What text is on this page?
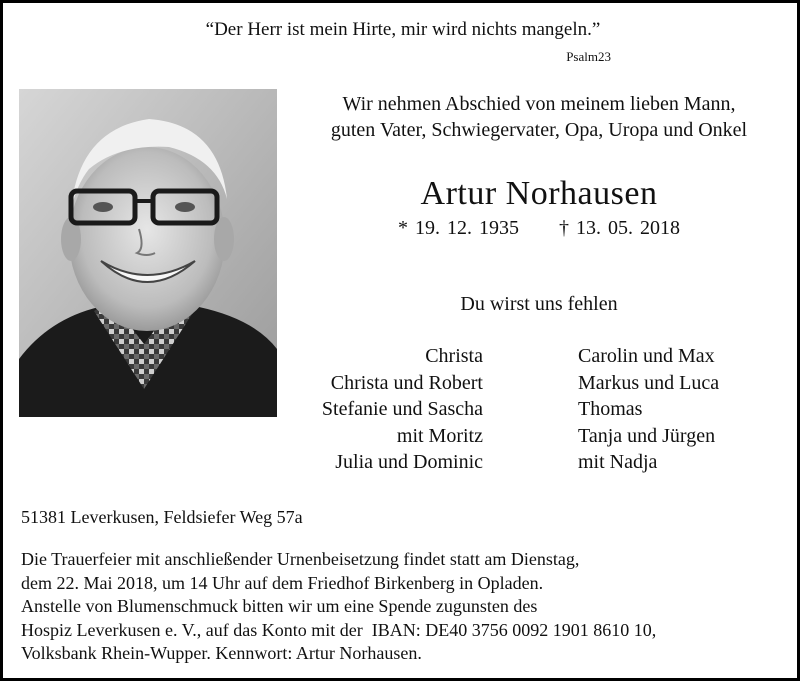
“Der Herr ist mein Hirte, mir wird nichts mangeln.”
Psalm23
Wir nehmen Abschied von meinem lieben Mann,
guten Vater, Schwiegervater, Opa, Uropa und Onkel
Artur Norhausen
* 19. 12. 1935 † 13. 05. 2018
Du wirst uns fehlen
Christa
Christa und Robert
Stefanie und Sascha
mit Moritz
Julia und Dominic
Carolin und Max
Markus und Luca
Thomas
Tanja und Jürgen
mit Nadja
51381 Leverkusen, Feldsiefer Weg 57a
Die Trauerfeier mit anschließender Urnenbeisetzung findet statt am Dienstag,
dem 22. Mai 2018, um 14 Uhr auf dem Friedhof Birkenberg in Opladen.
Anstelle von Blumenschmuck bitten wir um eine Spende zugunsten des
Hospiz Leverkusen e. V., auf das Konto mit der  IBAN: DE40 3756 0092 1901 8610 10,
Volksbank Rhein-Wupper. Kennwort: Artur Norhausen.
